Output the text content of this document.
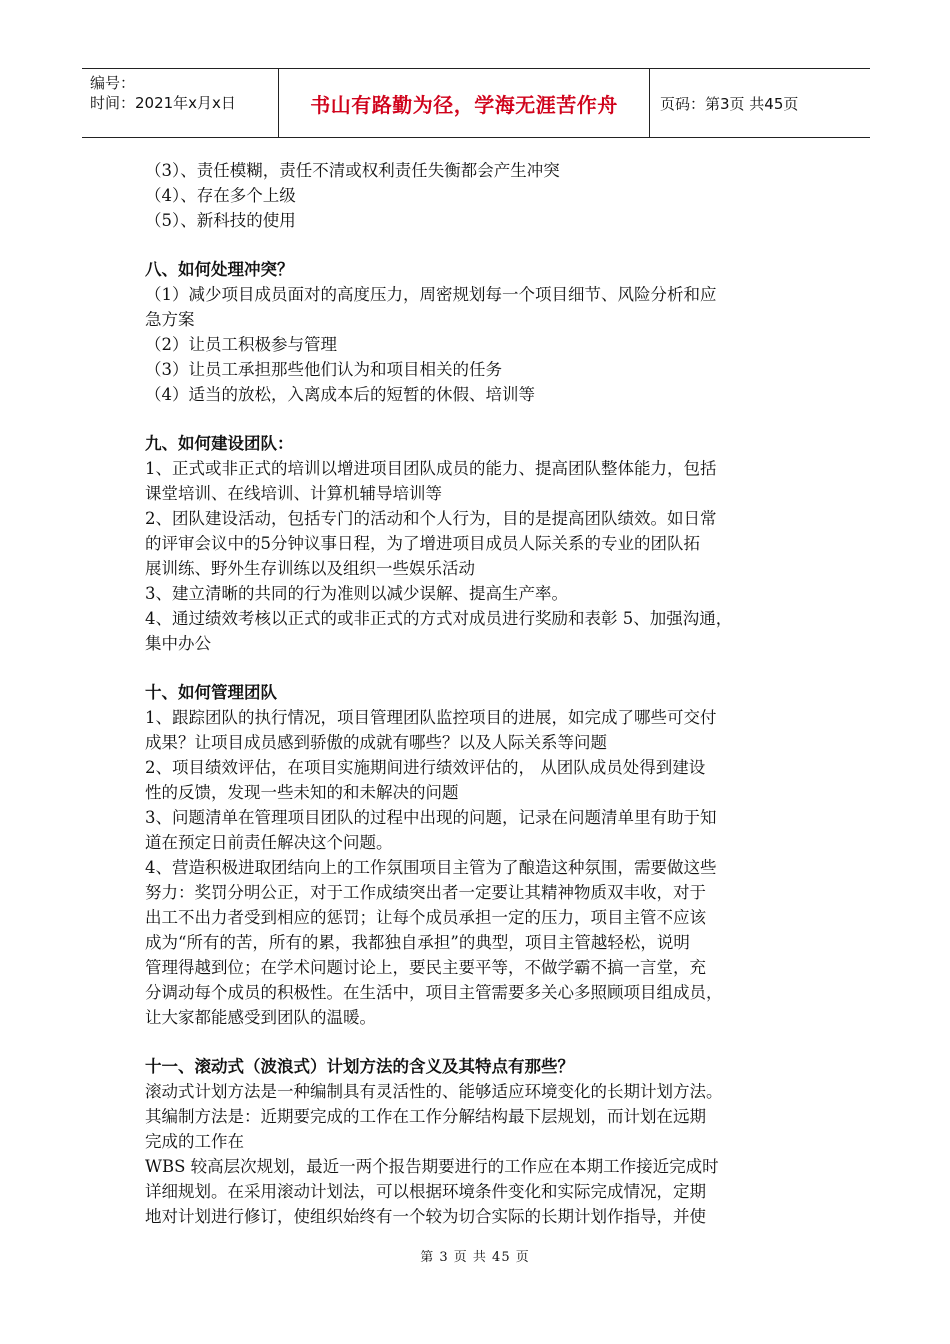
编号：
时间：2021年x月x日	书山有路勤为径，学海无涯苦作舟	页码：第3页 共45页
（3）、责任模糊，责任不清或权利责任失衡都会产生冲突
（4）、存在多个上级
（5）、新科技的使用
八、如何处理冲突？
（1）减少项目成员面对的高度压力，周密规划每一个项目细节、风险分析和应
急方案
（2）让员工积极参与管理
（3）让员工承担那些他们认为和项目相关的任务
（4）适当的放松，入离成本后的短暂的休假、培训等
九、如何建设团队：
1、正式或非正式的培训以增进项目团队成员的能力、提高团队整体能力，包括
课堂培训、在线培训、计算机辅导培训等
2、团队建设活动，包括专门的活动和个人行为，目的是提高团队绩效。如日常
的评审会议中的5分钟议事日程，为了增进项目成员人际关系的专业的团队拓
展训练、野外生存训练以及组织一些娱乐活动
3、建立清晰的共同的行为准则以减少误解、提高生产率。
4、通过绩效考核以正式的或非正式的方式对成员进行奖励和表彰 5、加强沟通，
集中办公
十、如何管理团队
1、跟踪团队的执行情况，项目管理团队监控项目的进展，如完成了哪些可交付
成果？让项目成员感到骄傲的成就有哪些？以及人际关系等问题
2、项目绩效评估，在项目实施期间进行绩效评估的， 从团队成员处得到建设
性的反馈，发现一些未知的和未解决的问题
3、问题清单在管理项目团队的过程中出现的问题，记录在问题清单里有助于知
道在预定日前责任解决这个问题。
4、营造积极进取团结向上的工作氛围项目主管为了酿造这种氛围，需要做这些
努力：奖罚分明公正，对于工作成绩突出者一定要让其精神物质双丰收，对于
出工不出力者受到相应的惩罚；让每个成员承担一定的压力，项目主管不应该
成为“所有的苦，所有的累，我都独自承担”的典型，项目主管越轻松，说明
管理得越到位；在学术问题讨论上，要民主要平等，不做学霸不搞一言堂，充
分调动每个成员的积极性。在生活中，项目主管需要多关心多照顾项目组成员，
让大家都能感受到团队的温暖。
十一、滚动式（波浪式）计划方法的含义及其特点有那些？
滚动式计划方法是一种编制具有灵活性的、能够适应环境变化的长期计划方法。
其编制方法是：近期要完成的工作在工作分解结构最下层规划，而计划在远期
完成的工作在
WBS 较高层次规划，最近一两个报告期要进行的工作应在本期工作接近完成时
详细规划。在采用滚动计划法，可以根据环境条件变化和实际完成情况，定期
地对计划进行修订，使组织始终有一个较为切合实际的长期计划作指导，并使
第 3 页 共 45 页
